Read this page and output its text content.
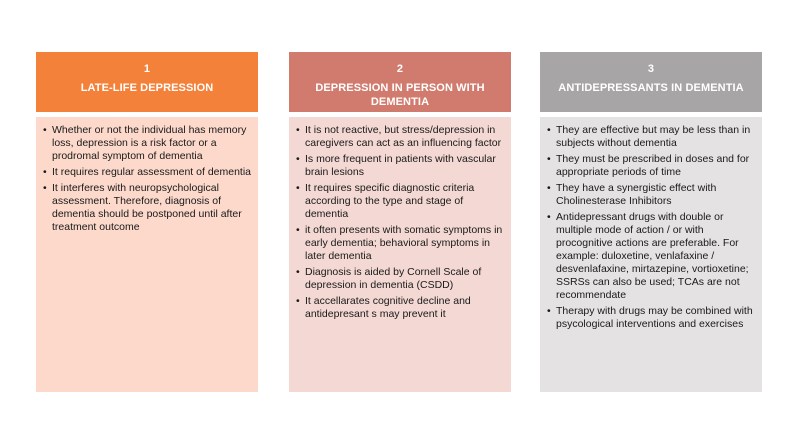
1
LATE-LIFE DEPRESSION
• Whether or not the individual has memory loss, depression is a risk factor or a prodromal symptom of dementia
• It requires regular assessment of dementia
• It interferes with neuropsychological assessment. Therefore, diagnosis of dementia should be postponed until after treatment outcome
2
DEPRESSION IN PERSON WITH DEMENTIA
• It is not reactive, but stress/depression in caregivers can act as an influencing factor
• Is more frequent in patients with vascular brain lesions
• It requires specific diagnostic criteria according to the type and stage of dementia
• it often presents with somatic symptoms in early dementia; behavioral symptoms in later dementia
• Diagnosis is aided by Cornell Scale of depression in dementia (CSDD)
• It accellarates cognitive decline and antidepresant s may prevent it
3
ANTIDEPRESSANTS IN DEMENTIA
• They are effective but may be less than in subjects without dementia
• They must be prescribed in doses and for appropriate periods of time
• They have a synergistic effect with Cholinesterase Inhibitors
• Antidepressant drugs with double or multiple mode of action / or with procognitive actions are preferable. For example: duloxetine, venlafaxine / desvenlafaxine, mirtazepine, vortioxetine; SSRSs can also be used; TCAs are not recommendate
• Therapy with drugs may be combined with psycological interventions and exercises
